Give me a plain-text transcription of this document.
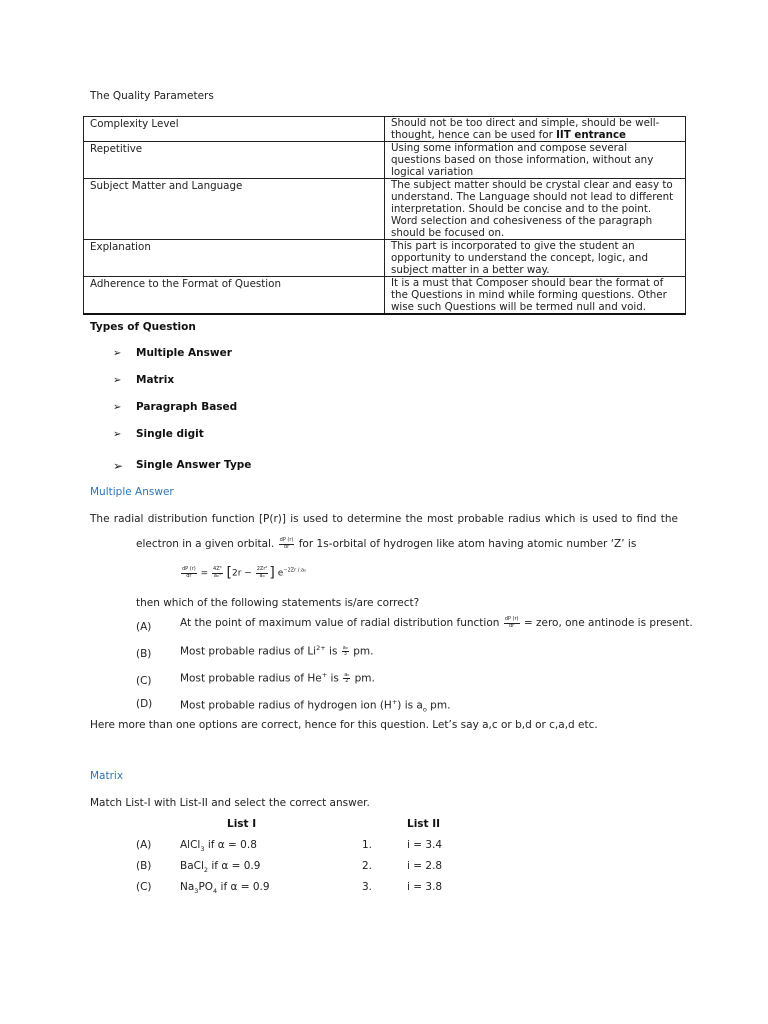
The Quality Parameters
Complexity Level	Should not be too direct and simple, should be well-thought, hence can be used for IIT entrance
Repetitive	Using some information and compose several questions based on those information, without any logical variation
Subject Matter and Language	The subject matter should be crystal clear and easy to understand. The Language should not lead to different interpretation. Should be concise and to the point. Word selection and cohesiveness of the paragraph should be focused on.
Explanation	This part is incorporated to give the student an opportunity to understand the concept, logic, and subject matter in a better way.
Adherence to the Format of Question	It is a must that Composer should bear the format of the Questions in mind while forming questions. Other wise such Questions will be termed null and void.
Types of Question
➢ Multiple Answer
➢ Matrix
➢ Paragraph Based
➢ Single digit
➢ Single Answer Type
Multiple Answer
The radial distribution function [P(r)] is used to determine the most probable radius which is used to find the
electron in a given orbital. $\frac{dP (r)}{dr}$ for 1s-orbital of hydrogen like atom having atomic number ‘Z’ is
$\frac{dP (r)}{dr} = \frac{\text{4Z³}}{\text{a₀³}} [2r - \frac{\text{2Zr²}}{\text{a₀}}$ ] $e^{-2Zr / a_0}$
then which of the following statements is/are correct?
(A)	At the point of maximum value of radial distribution function $\frac{dP (r)}{dr}$ = zero, one antinode is present.
(B)	Most probable radius of $Li^{2+}$ is $\frac{\text{a₀}}{3}$ pm.
(C)	Most probable radius of He+ is $\frac{\text{a₀}}{2}$ pm.
(D)	Most probable radius of hydrogen ion (H+) is $a_o$ pm.
Here more than one options are correct, hence for this question. Let’s say a,c or b,d or c,a,d etc.
Matrix
Match List-I with List-II and select the correct answer.
List I	List II
(A)	AlCl$_3$ if α = 0.8	1.	i = 3.4
(B)	BaCl$_2$ if α = 0.9	2.	i = 2.8
(C)	$Na_3PO_4$ if α = 0.9	3.	i = 3.8
